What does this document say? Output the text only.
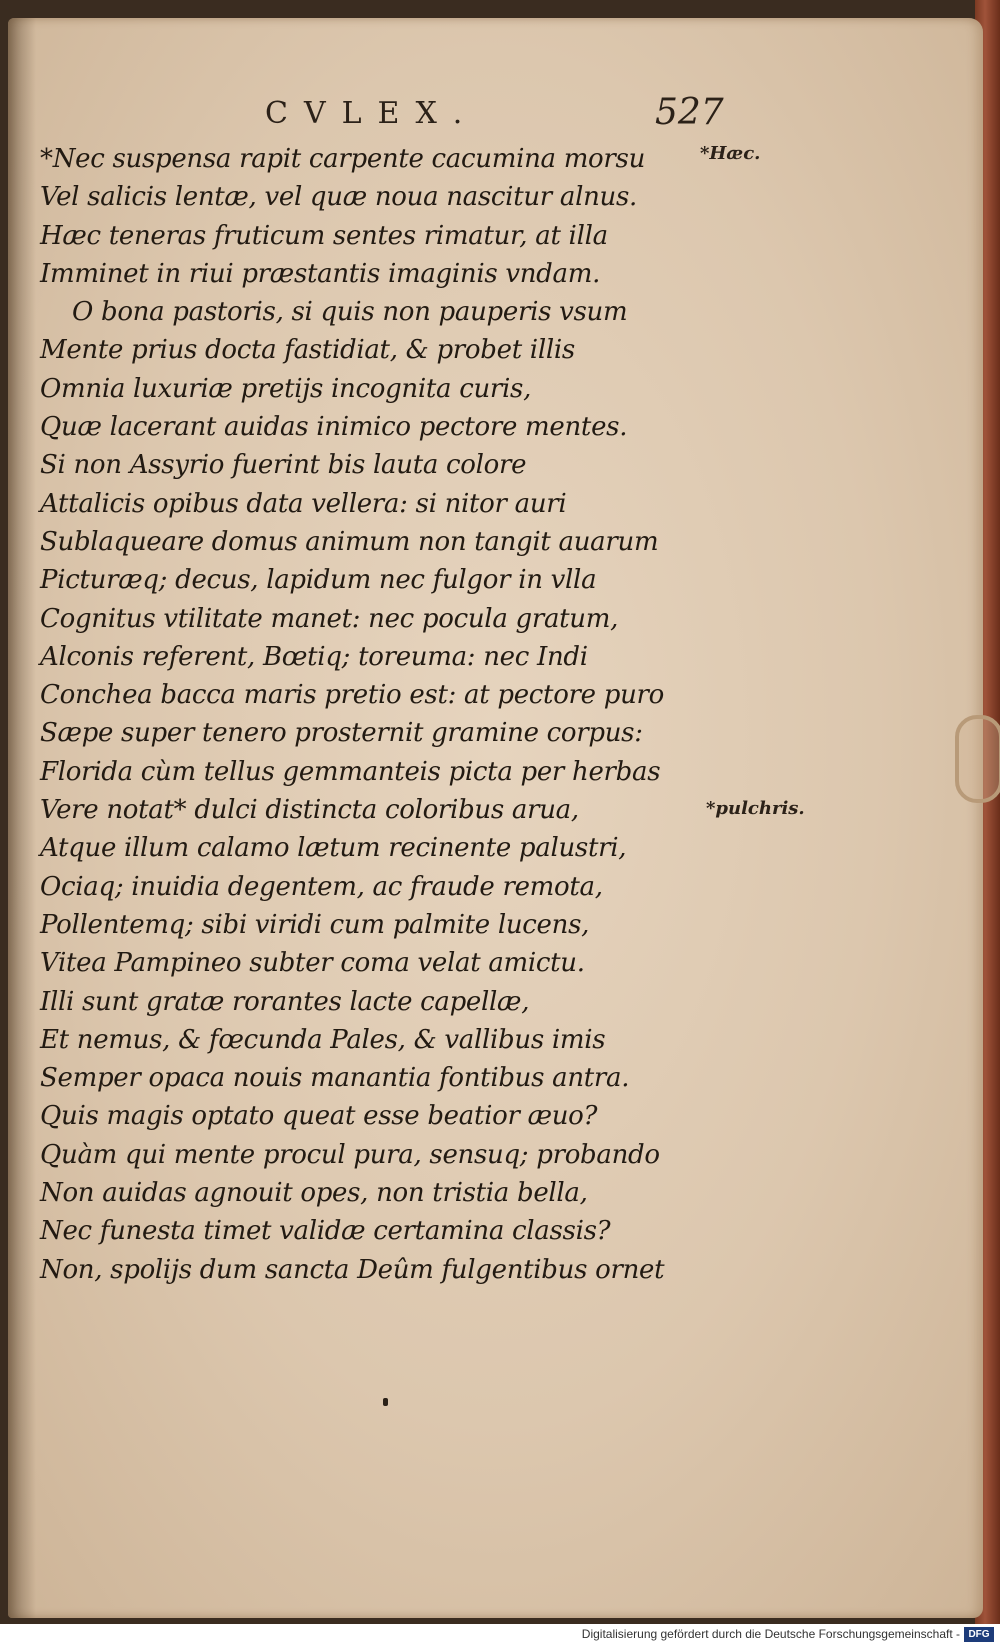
CVLEX.	527
*Nec suspensa rapit carpente cacumina morsu
Vel salicis lentæ, vel quæ noua nascitur alnus.
Hæc teneras fruticum sentes rimatur, at illa
Imminet in riui præstantis imaginis vndam.
O bona pastoris, si quis non pauperis vsum
Mente prius docta fastidiat, & probet illis
Omnia luxuriæ pretijs incognita curis,
Quæ lacerant auidas inimico pectore mentes.
Si non Assyrio fuerint bis lauta colore
Attalicis opibus data vellera: si nitor auri
Sublaqueare domus animum non tangit auarum
Picturæq; decus, lapidum nec fulgor in vlla
Cognitus vtilitate manet: nec pocula gratum,
Alconis referent, Bœtiq; toreuma: nec Indi
Conchea bacca maris pretio est: at pectore puro
Sæpe super tenero prosternit gramine corpus:
Florida cùm tellus gemmanteis picta per herbas
Vere notat* dulci distincta coloribus arua,
Atque illum calamo lætum recinente palustri,
Ociaq; inuidia degentem, ac fraude remota,
Pollentemq; sibi viridi cum palmite lucens,
Vitea Pampineo subter coma velat amictu.
Illi sunt gratæ rorantes lacte capellæ,
Et nemus, & fœcunda Pales, & vallibus imis
Semper opaca nouis manantia fontibus antra.
Quis magis optato queat esse beatior æuo?
Quàm qui mente procul pura, sensuq; probando
Non auidas agnouit opes, non tristia bella,
Nec funesta timet validæ certamina classis?
Non, spolijs dum sancta Deûm fulgentibus ornet
*Hæc.
*pulchris.
Digitalisierung gefördert durch die Deutsche Forschungsgemeinschaft - DFG
